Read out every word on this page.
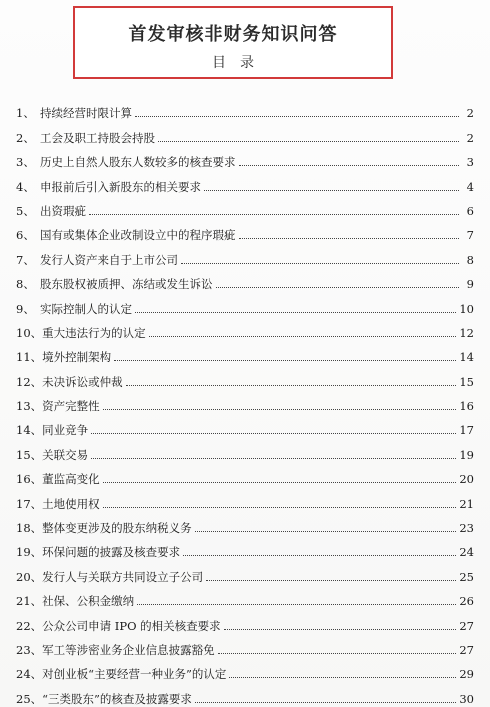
首发审核非财务知识问答
目录
1、 持续经营时限计算	2
2、 工会及职工持股会持股	2
3、 历史上自然人股东人数较多的核查要求	3
4、 申报前后引入新股东的相关要求	4
5、 出资瑕疵	6
6、 国有或集体企业改制设立中的程序瑕疵	7
7、 发行人资产来自于上市公司	8
8、 股东股权被质押、冻结或发生诉讼	9
9、 实际控制人的认定	10
10、 重大违法行为的认定	12
11、 境外控制架构	14
12、 未决诉讼或仲裁	15
13、 资产完整性	16
14、 同业竞争	17
15、 关联交易	19
16、 董监高变化	20
17、 土地使用权	21
18、 整体变更涉及的股东纳税义务	23
19、 环保问题的披露及核查要求	24
20、 发行人与关联方共同设立子公司	25
21、 社保、公积金缴纳	26
22、 公众公司申请 IPO 的相关核查要求	27
23、 军工等涉密业务企业信息披露豁免	27
24、 对创业板“主要经营一种业务”的认定	29
25、 “三类股东”的核查及披露要求	30
